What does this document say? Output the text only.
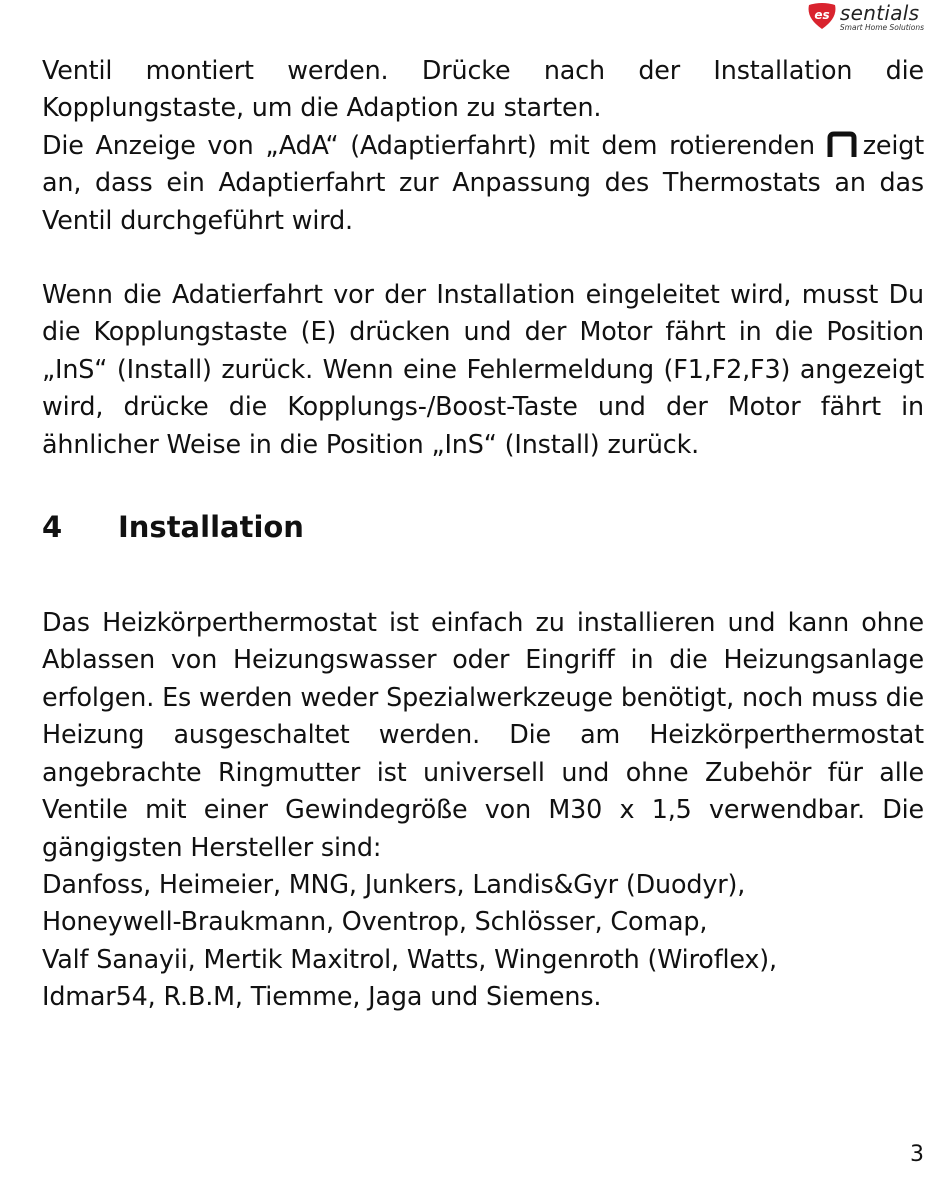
es sentials
Smart Home Solutions

Ventil montiert werden. Drücke nach der Installation die Kopplungstaste, um die Adaption zu starten.

Die Anzeige von „AdA“ (Adaptierfahrt) mit dem rotierenden zeigt an, dass ein Adaptierfahrt zur Anpassung des Thermostats an das Ventil durchgeführt wird.

Wenn die Adatierfahrt vor der Installation eingeleitet wird, musst Du die Kopplungstaste (E) drücken und der Motor fährt in die Position „InS“ (Install) zurück. Wenn eine Fehlermeldung (F1,F2,F3) angezeigt wird, drücke die Kopplungs-/Boost-Taste und der Motor fährt in ähnlicher Weise in die Position „InS“ (Install) zurück.

4	Installation

Das Heizkörperthermostat ist einfach zu installieren und kann ohne Ablassen von Heizungswasser oder Eingriff in die Heizungsanlage erfolgen. Es werden weder Spezialwerkzeuge benötigt, noch muss die Heizung ausgeschaltet werden. Die am Heizkörperthermostat angebrachte Ringmutter ist universell und ohne Zubehör für alle Ventile mit einer Gewindegröße von M30 x 1,5 verwendbar. Die gängigsten Hersteller sind:

Danfoss, Heimeier, MNG, Junkers, Landis&Gyr (Duodyr),

Honeywell-Braukmann, Oventrop, Schlösser, Comap,

Valf Sanayii, Mertik Maxitrol, Watts, Wingenroth (Wiroflex),

Idmar54, R.B.M, Tiemme, Jaga und Siemens.

3
